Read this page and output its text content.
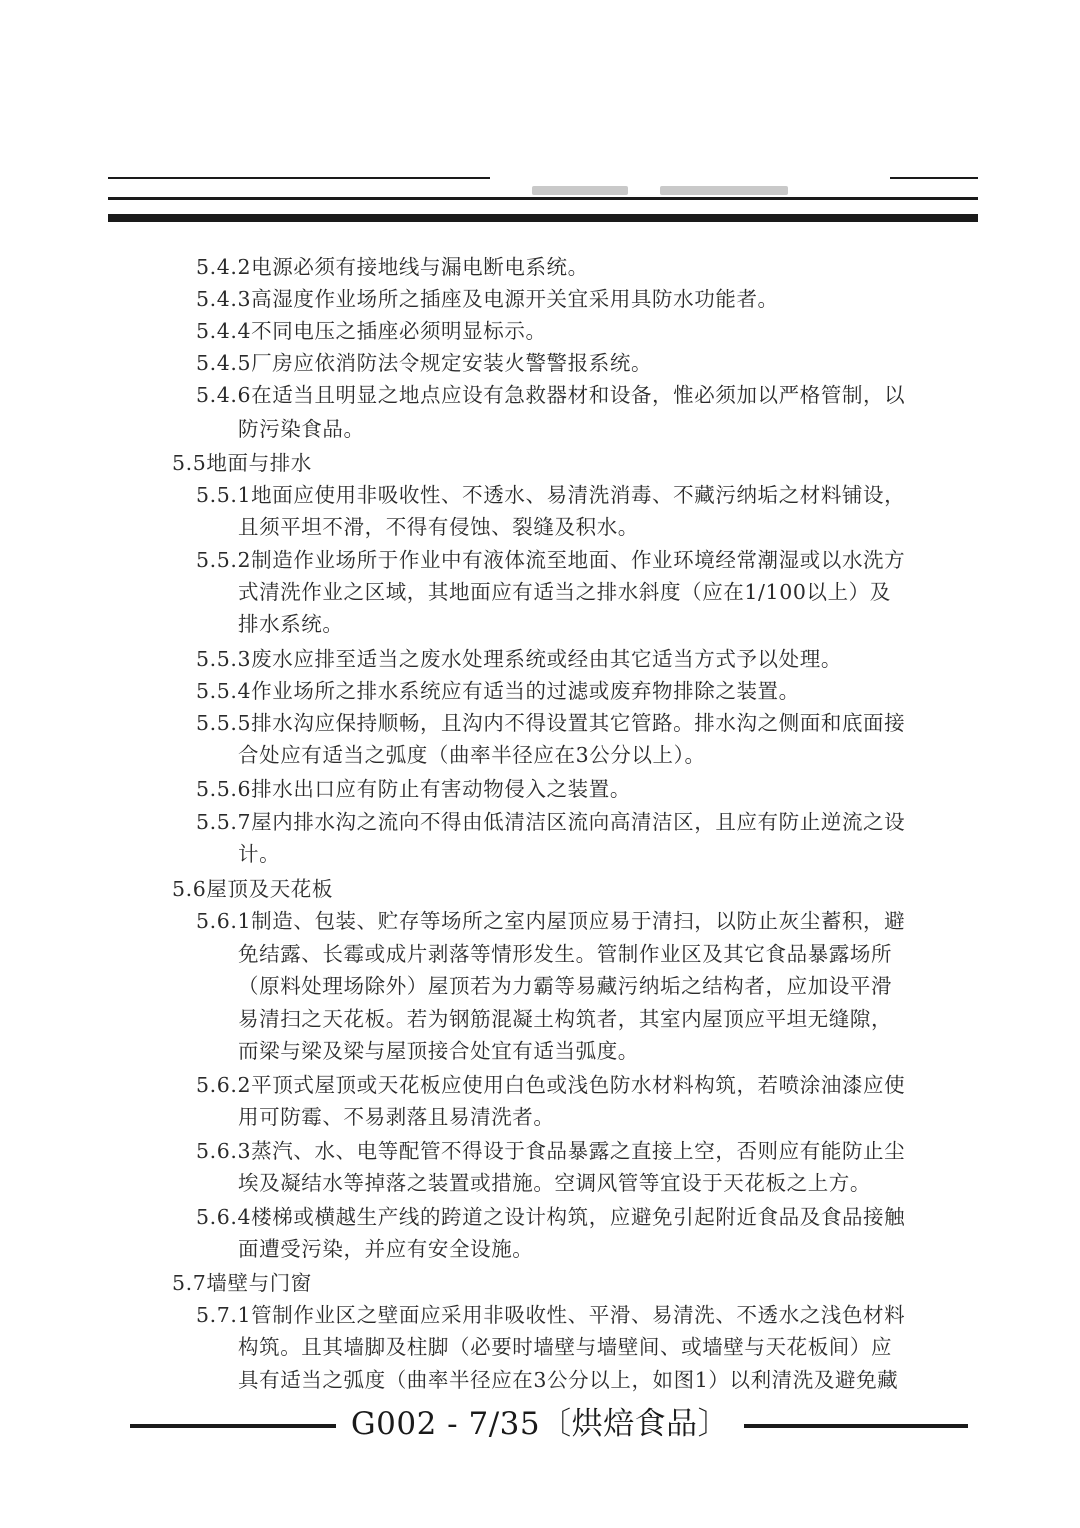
5.4.2电源必须有接地线与漏电断电系统。
5.4.3高湿度作业场所之插座及电源开关宜采用具防水功能者。
5.4.4不同电压之插座必须明显标示。
5.4.5厂房应依消防法令规定安装火警警报系统。
5.4.6在适当且明显之地点应设有急救器材和设备，惟必须加以严格管制，以
防污染食品。
5.5地面与排水
5.5.1地面应使用非吸收性、不透水、易清洗消毒、不藏污纳垢之材料铺设，
且须平坦不滑，不得有侵蚀、裂缝及积水。
5.5.2制造作业场所于作业中有液体流至地面、作业环境经常潮湿或以水洗方
式清洗作业之区域，其地面应有适当之排水斜度（应在1/100以上）及
排水系统。
5.5.3废水应排至适当之废水处理系统或经由其它适当方式予以处理。
5.5.4作业场所之排水系统应有适当的过滤或废弃物排除之装置。
5.5.5排水沟应保持顺畅，且沟内不得设置其它管路。排水沟之侧面和底面接
合处应有适当之弧度（曲率半径应在3公分以上）。
5.5.6排水出口应有防止有害动物侵入之装置。
5.5.7屋内排水沟之流向不得由低清洁区流向高清洁区，且应有防止逆流之设
计。
5.6屋顶及天花板
5.6.1制造、包装、贮存等场所之室内屋顶应易于清扫，以防止灰尘蓄积，避
免结露、长霉或成片剥落等情形发生。管制作业区及其它食品暴露场所
（原料处理场除外）屋顶若为力霸等易藏污纳垢之结构者，应加设平滑
易清扫之天花板。若为钢筋混凝土构筑者，其室内屋顶应平坦无缝隙，
而梁与梁及梁与屋顶接合处宜有适当弧度。
5.6.2平顶式屋顶或天花板应使用白色或浅色防水材料构筑，若喷涂油漆应使
用可防霉、不易剥落且易清洗者。
5.6.3蒸汽、水、电等配管不得设于食品暴露之直接上空，否则应有能防止尘
埃及凝结水等掉落之装置或措施。空调风管等宜设于天花板之上方。
5.6.4楼梯或横越生产线的跨道之设计构筑，应避免引起附近食品及食品接触
面遭受污染，并应有安全设施。
5.7墙壁与门窗
5.7.1管制作业区之壁面应采用非吸收性、平滑、易清洗、不透水之浅色材料
构筑。且其墙脚及柱脚（必要时墙壁与墙壁间、或墙壁与天花板间）应
具有适当之弧度（曲率半径应在3公分以上，如图1）以利清洗及避免藏
G002 - 7/35〔烘焙食品〕
